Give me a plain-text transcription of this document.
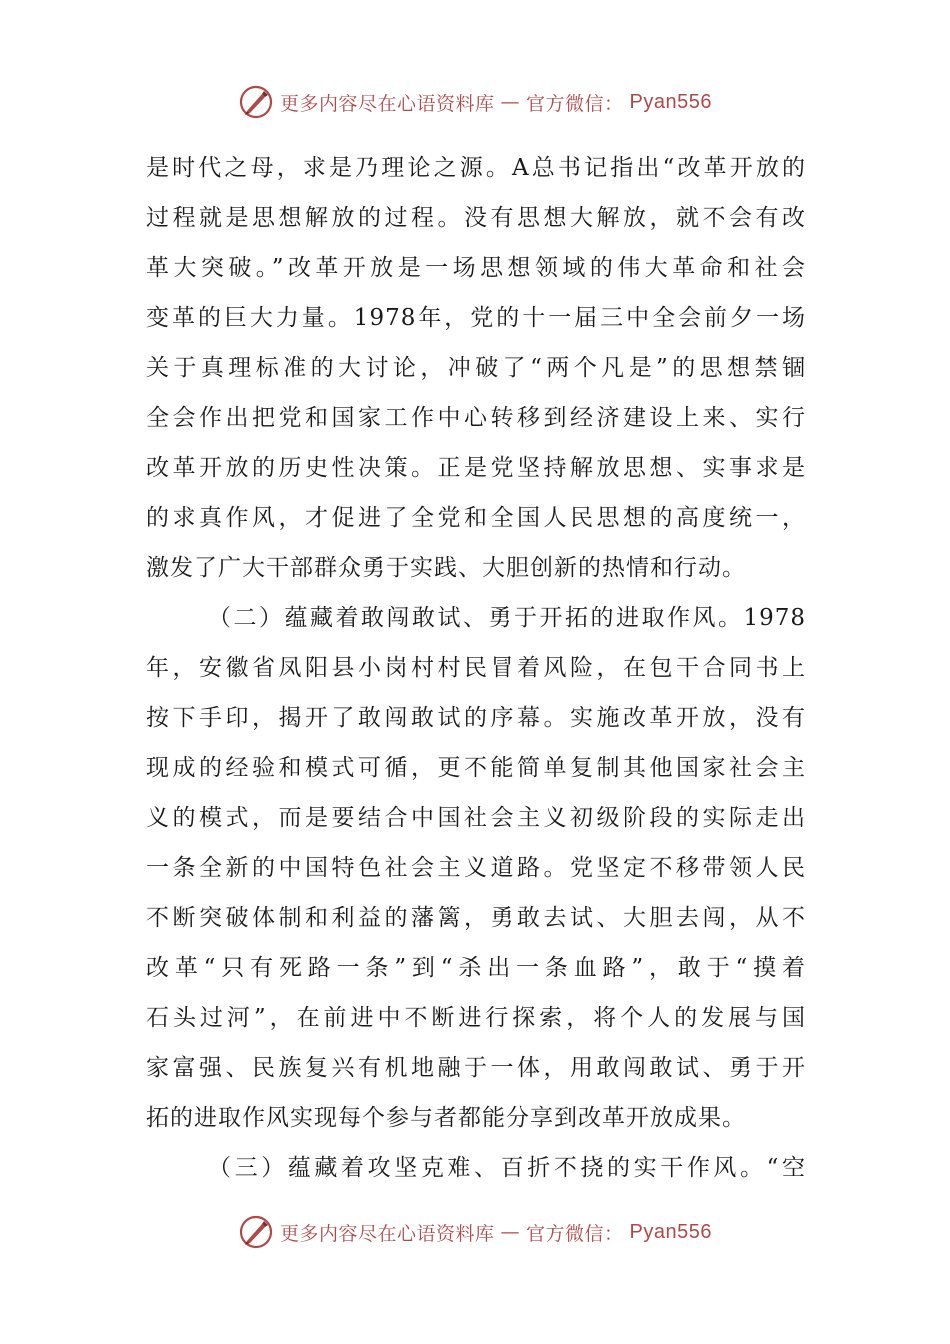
更多内容尽在心语资料库 — 官方微信： Pyan556
是时代之母，求是乃理论之源。A总书记指出“改革开放的
过程就是思想解放的过程。没有思想大解放，就不会有改
革大突破。”改革开放是一场思想领域的伟大革命和社会
变革的巨大力量。1978年，党的十一届三中全会前夕一场
关于真理标准的大讨论，冲破了“两个凡是”的思想禁锢
全会作出把党和国家工作中心转移到经济建设上来、实行
改革开放的历史性决策。正是党坚持解放思想、实事求是
的求真作风，才促进了全党和全国人民思想的高度统一，
激发了广大干部群众勇于实践、大胆创新的热情和行动。
（二）蕴藏着敢闯敢试、勇于开拓的进取作风。1978
年，安徽省凤阳县小岗村村民冒着风险，在包干合同书上
按下手印，揭开了敢闯敢试的序幕。实施改革开放，没有
现成的经验和模式可循，更不能简单复制其他国家社会主
义的模式，而是要结合中国社会主义初级阶段的实际走出
一条全新的中国特色社会主义道路。党坚定不移带领人民
不断突破体制和利益的藩篱，勇敢去试、大胆去闯，从不
改革“只有死路一条”到“杀出一条血路”，敢于“摸着
石头过河”，在前进中不断进行探索，将个人的发展与国
家富强、民族复兴有机地融于一体，用敢闯敢试、勇于开
拓的进取作风实现每个参与者都能分享到改革开放成果。
（三）蕴藏着攻坚克难、百折不挠的实干作风。“空
更多内容尽在心语资料库 — 官方微信： Pyan556
